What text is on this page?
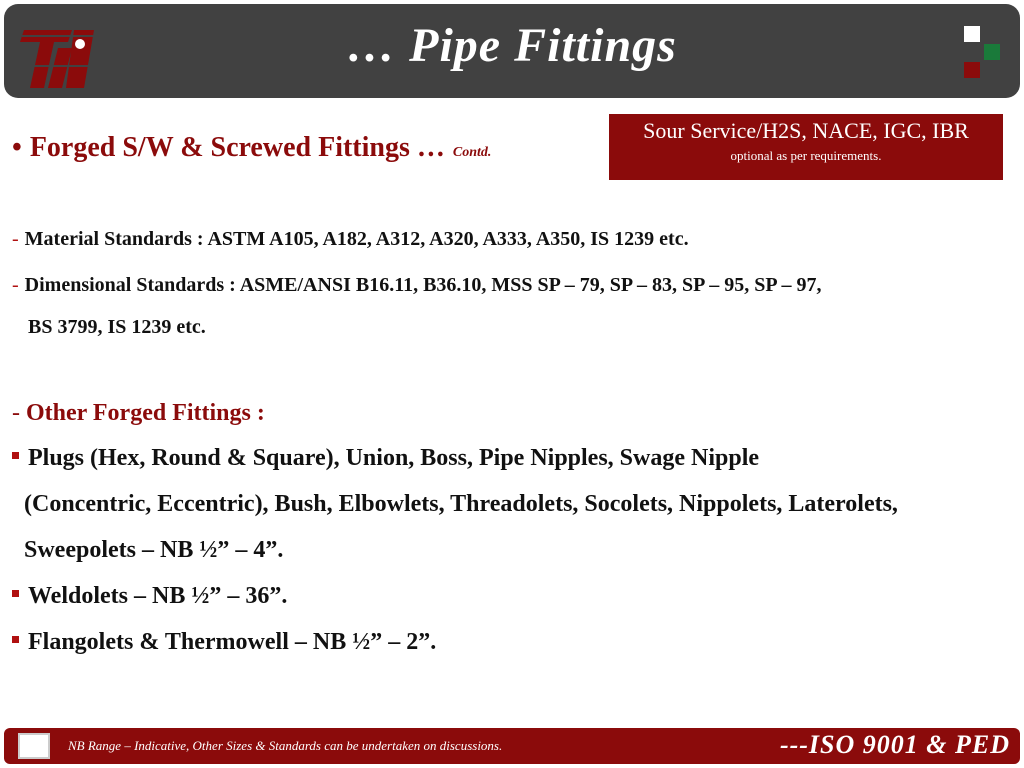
… Pipe Fittings
• Forged S/W & Screwed Fittings … Contd.
Sour Service/H2S, NACE, IGC, IBR
optional as per requirements.
- Material Standards : ASTM A105, A182, A312, A320, A333, A350, IS 1239 etc.
- Dimensional Standards : ASME/ANSI B16.11, B36.10, MSS SP – 79, SP – 83, SP – 95, SP – 97,
BS 3799, IS 1239 etc.
- Other Forged Fittings :
Plugs (Hex, Round & Square), Union, Boss, Pipe Nipples, Swage Nipple
(Concentric, Eccentric), Bush, Elbowlets, Threadolets, Socolets, Nippolets, Laterolets,
Sweepolets – NB ½” – 4”.
Weldolets – NB ½” – 36”.
Flangolets & Thermowell – NB ½” – 2”.
NB Range – Indicative, Other Sizes & Standards can be undertaken on discussions.	---ISO 9001 & PED
